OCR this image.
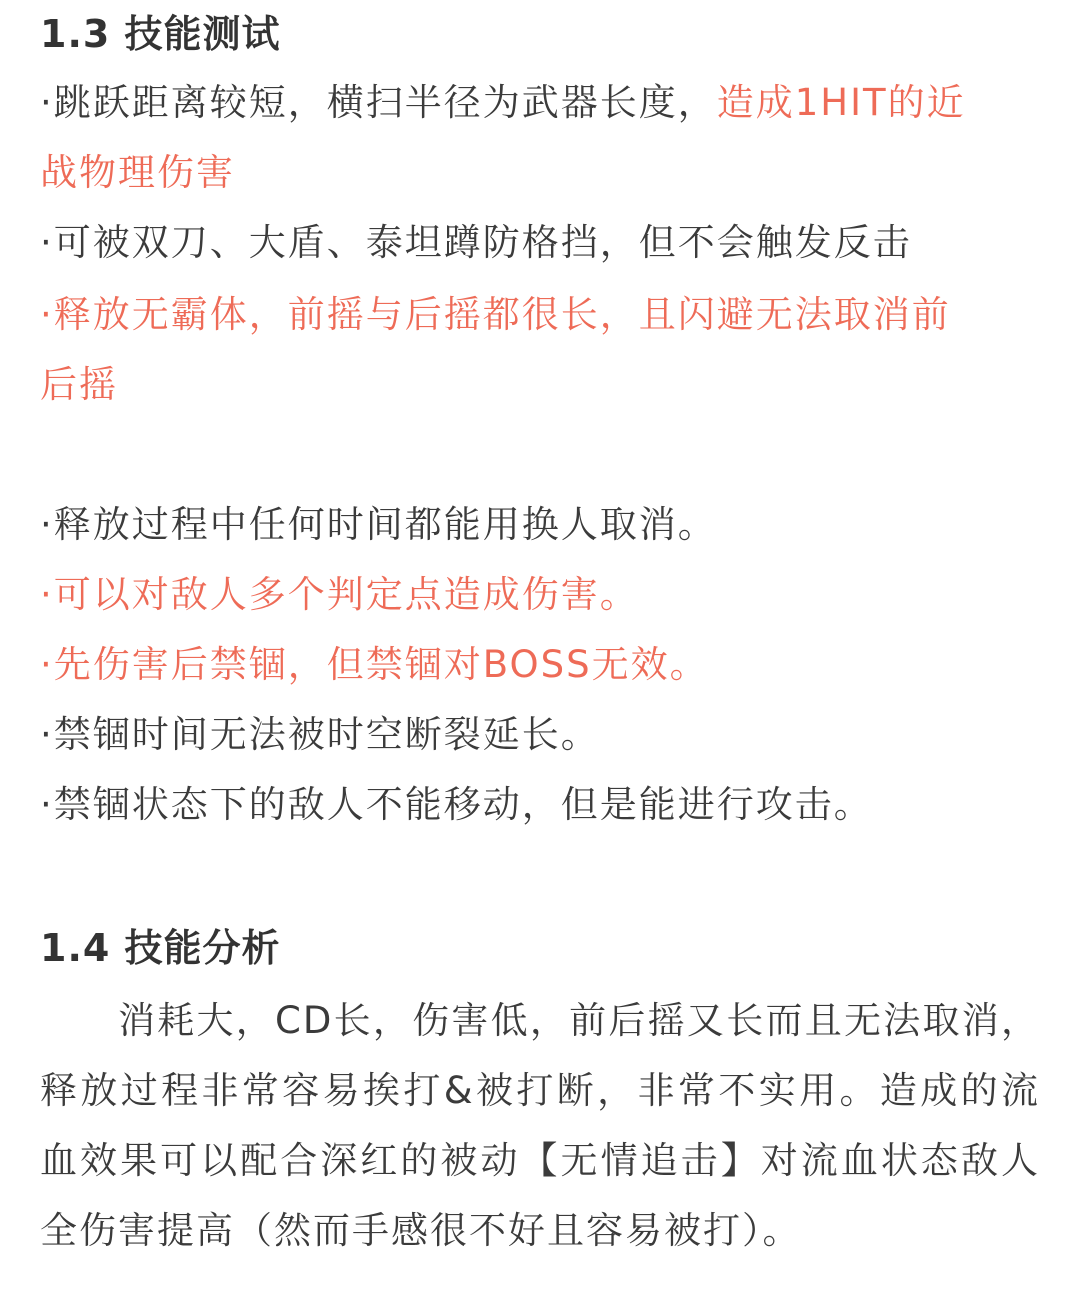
1.3 技能测试

·跳跃距离较短，横扫半径为武器长度，造成1HIT的近

战物理伤害

·可被双刀、大盾、泰坦蹲防格挡，但不会触发反击

·释放无霸体，前摇与后摇都很长，且闪避无法取消前

后摇

·释放过程中任何时间都能用换人取消。

·可以对敌人多个判定点造成伤害。

·先伤害后禁锢，但禁锢对BOSS无效。

·禁锢时间无法被时空断裂延长。

·禁锢状态下的敌人不能移动，但是能进行攻击。

1.4 技能分析

消耗大，CD长，伤害低，前后摇又长而且无法取消，释放过程非常容易挨打&被打断，非常不实用。造成的流血效果可以配合深红的被动【无情追击】对流血状态敌人全伤害提高（然而手感很不好且容易被打）。
